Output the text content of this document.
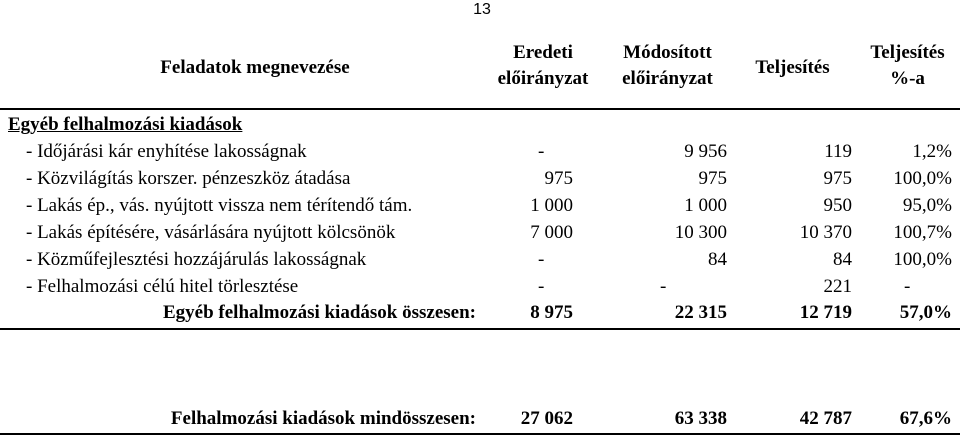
13
Feladatok megnevezése
Eredeti
előirányzat
Módosított
előirányzat
Teljesítés
Teljesítés
%-a
Egyéb felhalmozási kiadások
- Időjárási kár enyhítése lakosságnak	-	9 956	119	1,2%
- Közvilágítás korszer. pénzeszköz átadása	975	975	975 100,0%
- Lakás ép., vás. nyújtott vissza nem térítendő tám.	1 000	1 000	950	95,0%
- Lakás építésére, vásárlására nyújtott kölcsönök	7 000	10 300	10 370 100,7%
- Közműfejlesztési hozzájárulás lakosságnak	-	84	84 100,0%
- Felhalmozási célú hitel törlesztése	-	-	221	-
Egyéb felhalmozási kiadások összesen:	8 975	22 315	12 719	57,0%
Felhalmozási kiadások mindösszesen: 27 062	63 338	42 787	67,6%
